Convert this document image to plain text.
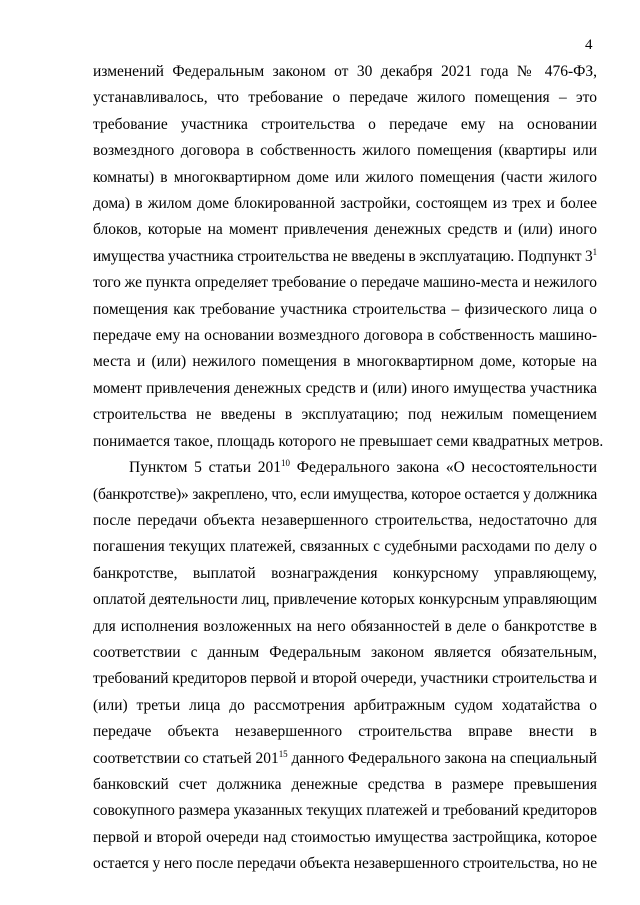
4

изменений Федеральным законом от 30 декабря 2021 года № 476-ФЗ,
устанавливалось, что требование о передаче жилого помещения – это
требование участника строительства о передаче ему на основании
возмездного договора в собственность жилого помещения (квартиры или
комнаты) в многоквартирном доме или жилого помещения (части жилого
дома) в жилом доме блокированной застройки, состоящем из трех и более
блоков, которые на момент привлечения денежных средств и (или) иного
имущества участника строительства не введены в эксплуатацию. Подпункт $3^1$
того же пункта определяет требование о передаче машино-места и нежилого
помещения как требование участника строительства – физического лица о
передаче ему на основании возмездного договора в собственность машино-
места и (или) нежилого помещения в многоквартирном доме, которые на
момент привлечения денежных средств и (или) иного имущества участника
строительства не введены в эксплуатацию; под нежилым помещением
понимается такое, площадь которого не превышает семи квадратных метров.

Пунктом 5 статьи $201^{10}$ Федерального закона «О несостоятельности
(банкротстве)» закреплено, что, если имущества, которое остается у должника
после передачи объекта незавершенного строительства, недостаточно для
погашения текущих платежей, связанных с судебными расходами по делу о
банкротстве, выплатой вознаграждения конкурсному управляющему,
оплатой деятельности лиц, привлечение которых конкурсным управляющим
для исполнения возложенных на него обязанностей в деле о банкротстве в
соответствии с данным Федеральным законом является обязательным,
требований кредиторов первой и второй очереди, участники строительства и
(или) третьи лица до рассмотрения арбитражным судом ходатайства о
передаче объекта незавершенного строительства вправе внести в
соответствии со статьей $201^{15}$ данного Федерального закона на специальный
банковский счет должника денежные средства в размере превышения
совокупного размера указанных текущих платежей и требований кредиторов
первой и второй очереди над стоимостью имущества застройщика, которое
остается у него после передачи объекта незавершенного строительства, но не
